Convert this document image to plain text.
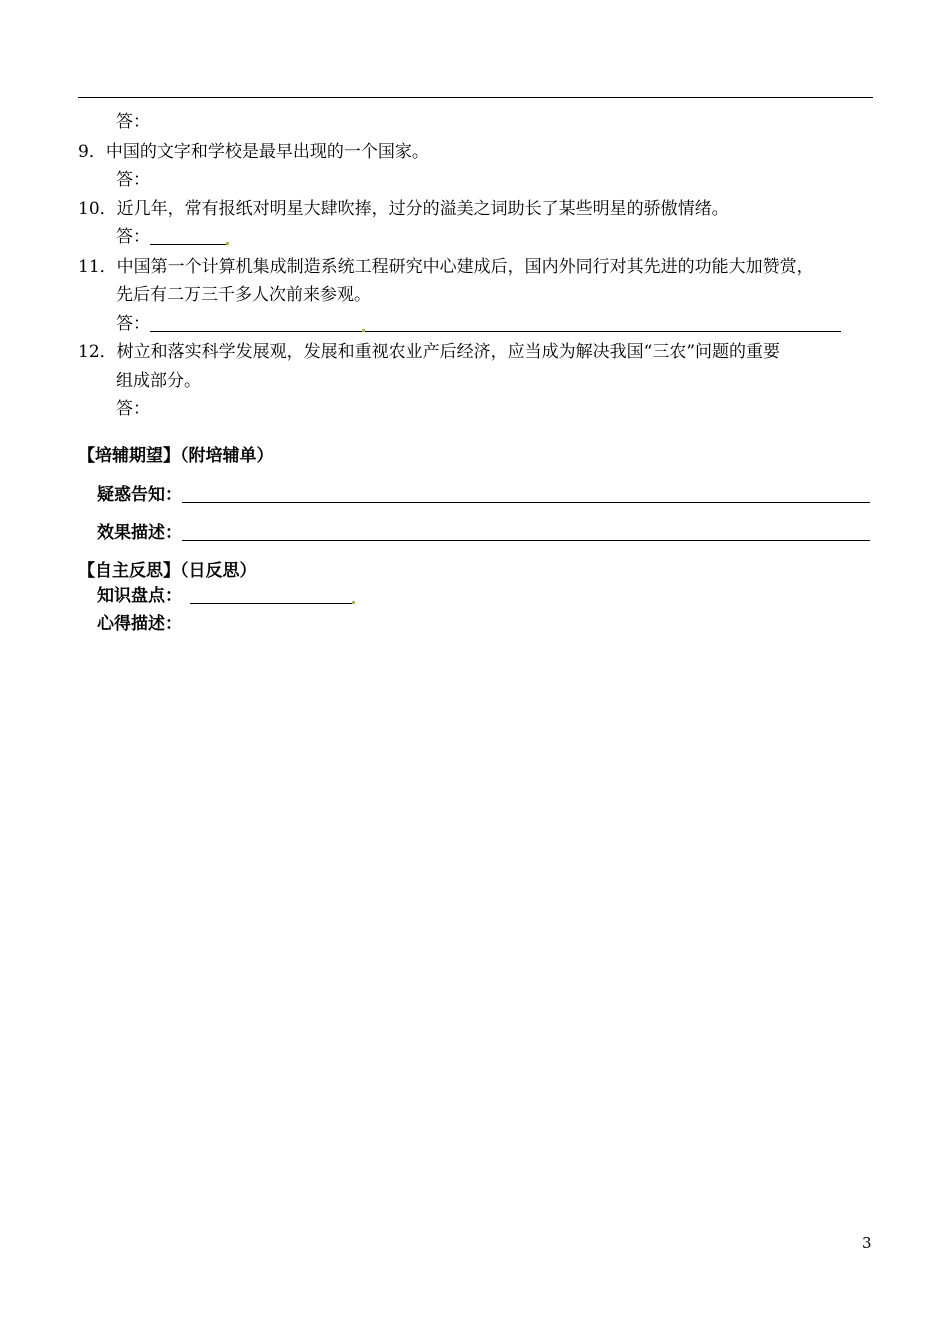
答：
9．中国的文字和学校是最早出现的一个国家。
答：
10．近几年，常有报纸对明星大肆吹捧，过分的溢美之词助长了某些明星的骄傲情绪。
答：
11．中国第一个计算机集成制造系统工程研究中心建成后，国内外同行对其先进的功能大加赞赏，
先后有二万三千多人次前来参观。
答：
12．树立和落实科学发展观，发展和重视农业产后经济，应当成为解决我国“三农”问题的重要
组成部分。
答：
【培辅期望】（附培辅单）
疑惑告知：
效果描述：
【自主反思】（日反思）
知识盘点：
心得描述：
3
